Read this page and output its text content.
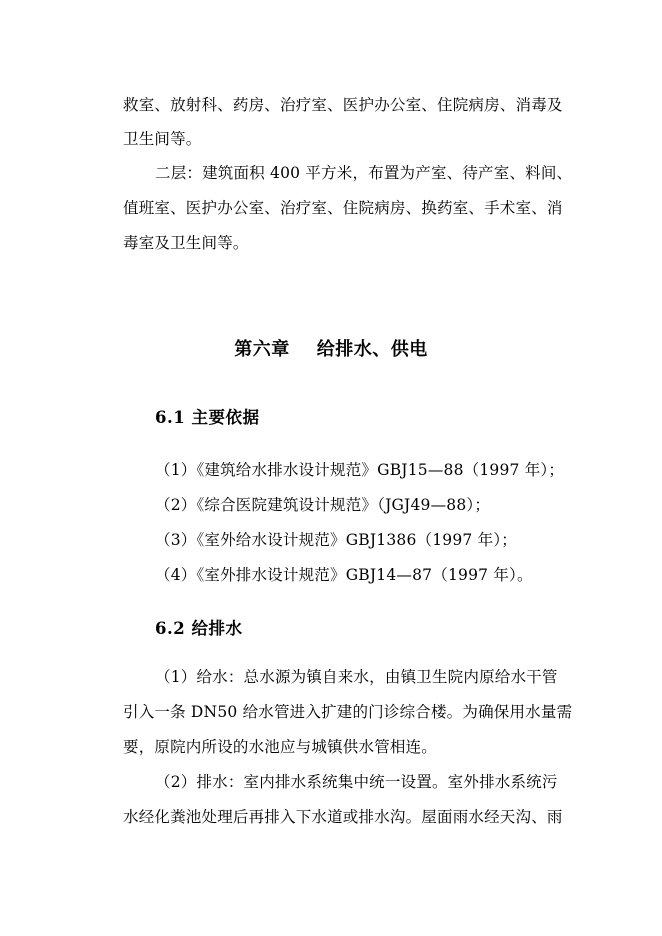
救室、放射科、药房、治疗室、医护办公室、住院病房、消毒及
卫生间等。
二层：建筑面积 400 平方米，布置为产室、待产室、料间、
值班室、医护办公室、治疗室、住院病房、换药室、手术室、消
毒室及卫生间等。
第六章    给排水、供电
6.1 主要依据
（1）《建筑给水排水设计规范》GBJ15—88（1997 年）；
（2）《综合医院建筑设计规范》（JGJ49—88）；
（3）《室外给水设计规范》GBJ1386（1997 年）；
（4）《室外排水设计规范》GBJ14—87（1997 年）。
6.2 给排水
（1）给水：总水源为镇自来水，由镇卫生院内原给水干管
引入一条 DN50 给水管进入扩建的门诊综合楼。为确保用水量需
要，原院内所设的水池应与城镇供水管相连。
（2）排水：室内排水系统集中统一设置。室外排水系统污
水经化粪池处理后再排入下水道或排水沟。屋面雨水经天沟、雨
